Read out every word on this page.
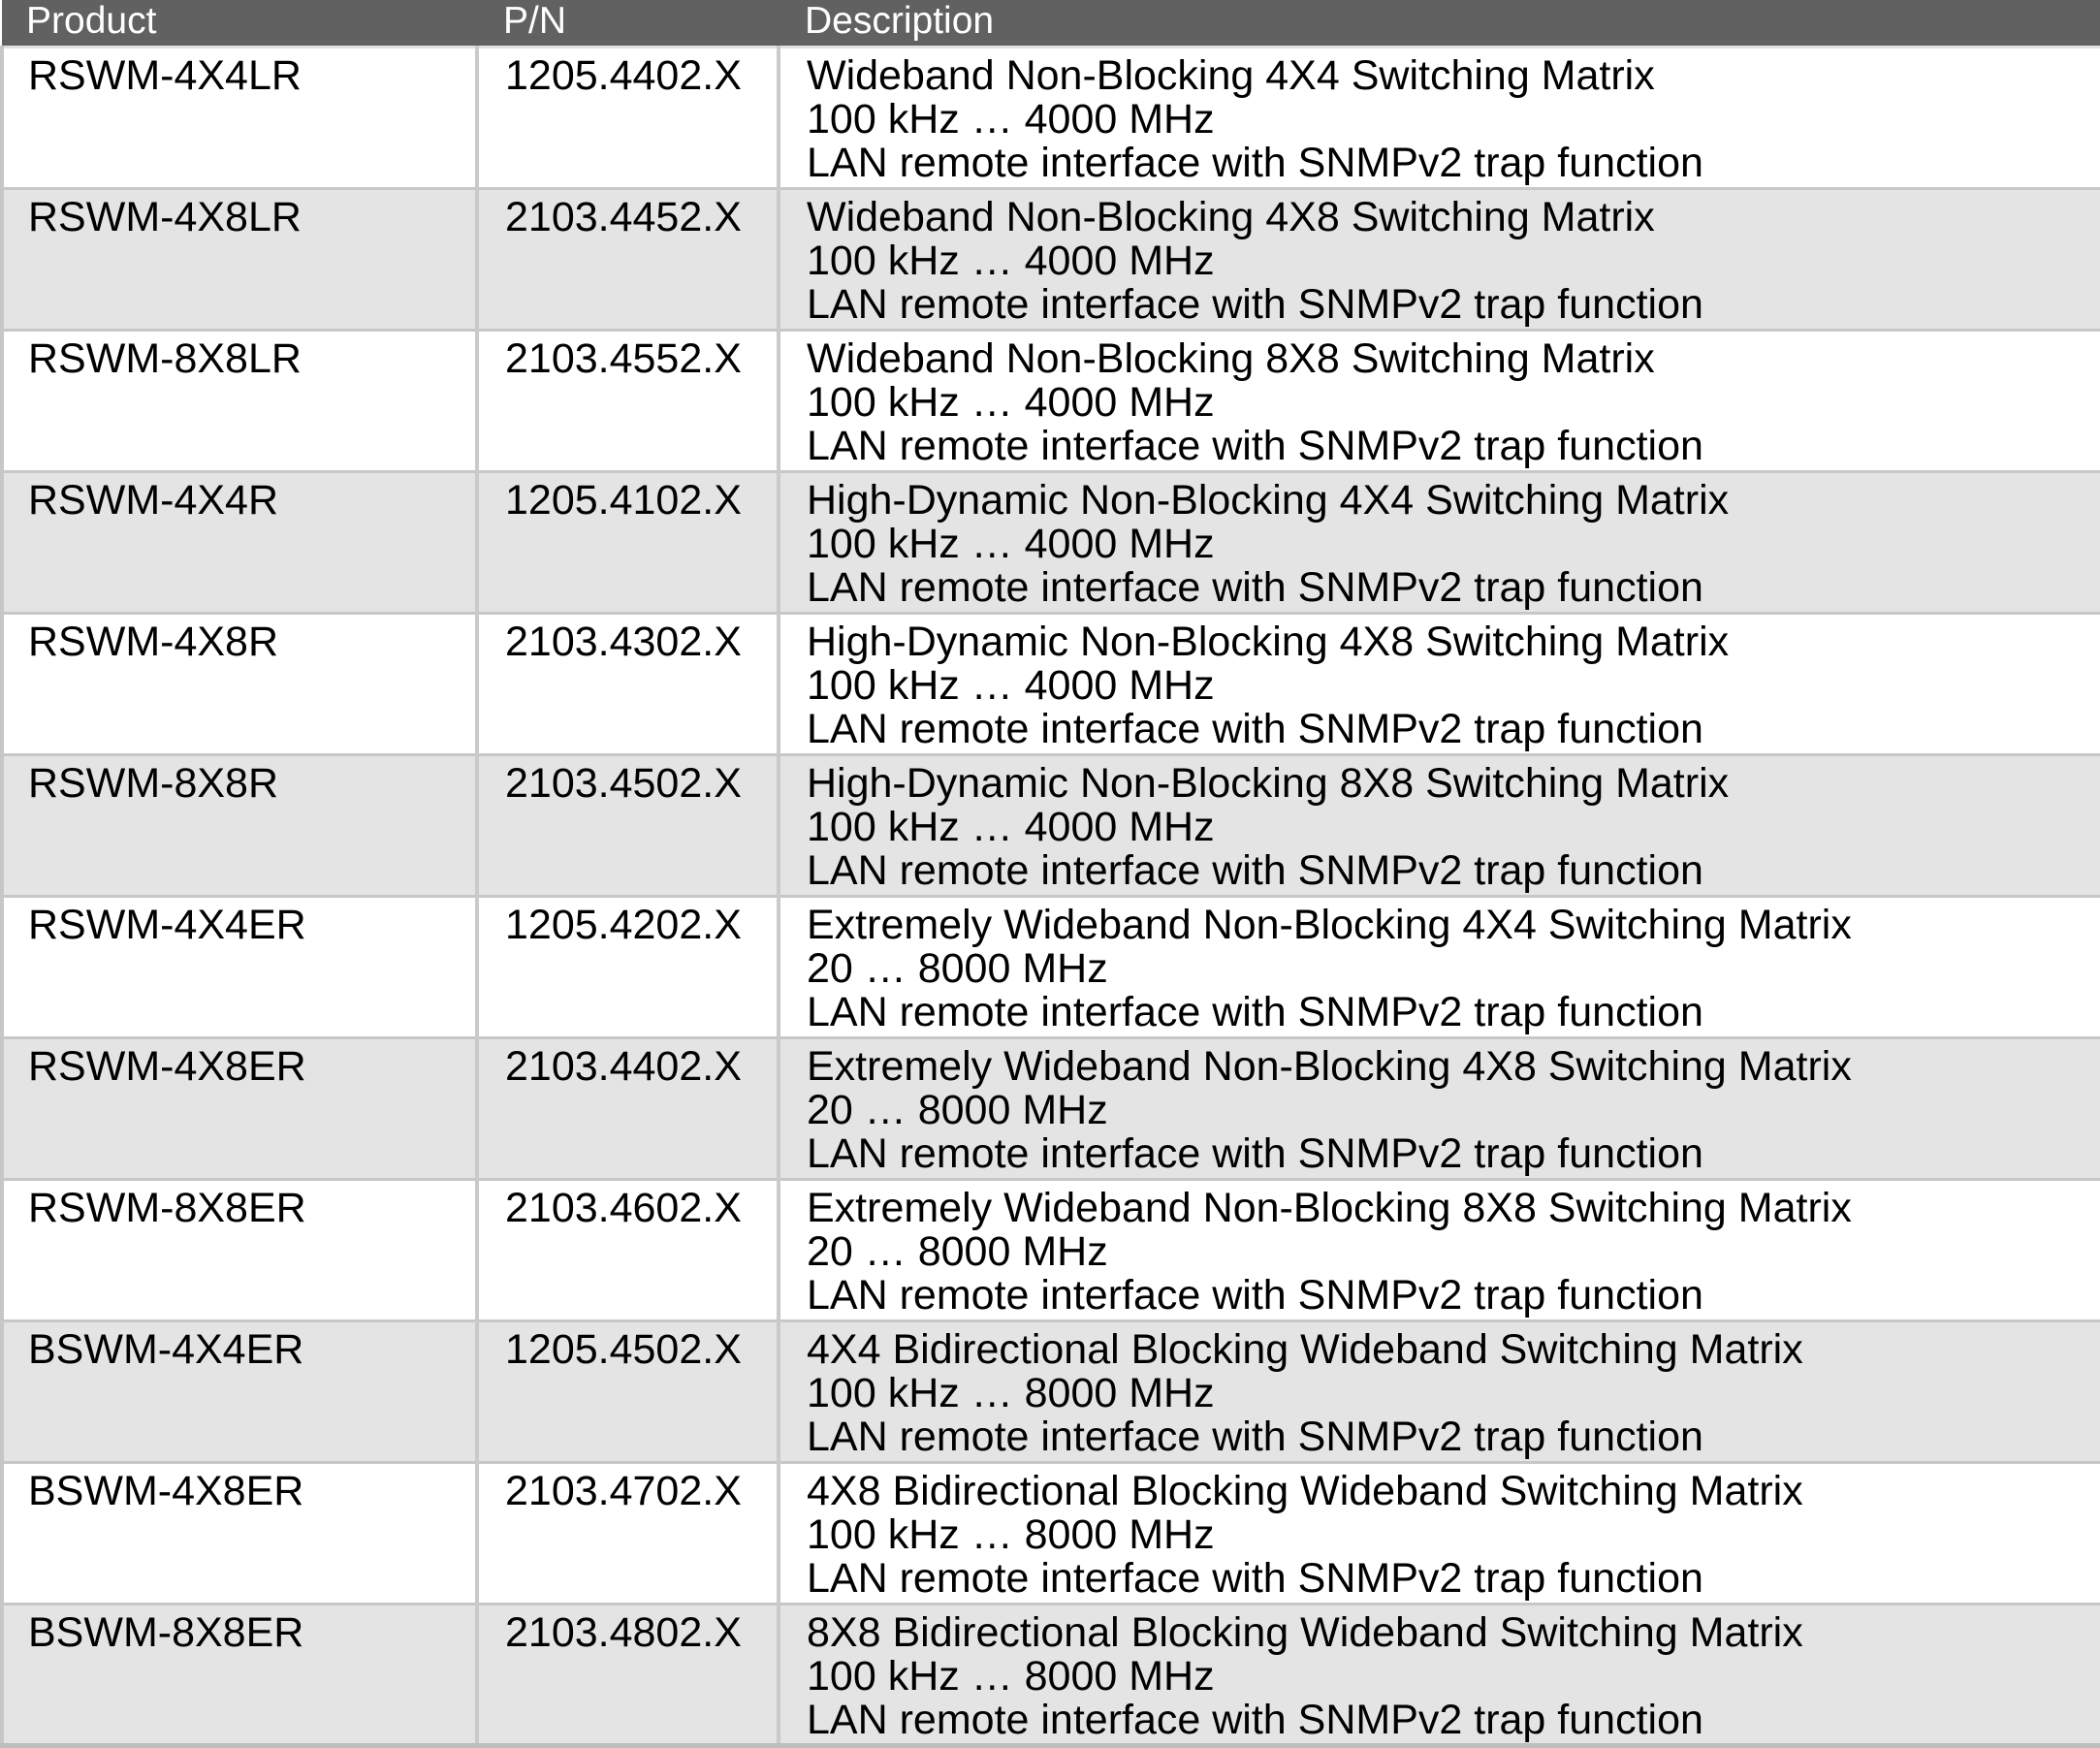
Product	P/N	Description
RSWM-4X4LR	1205.4402.X	Wideband Non-Blocking 4X4 Switching Matrix
100 kHz … 4000 MHz
LAN remote interface with SNMPv2 trap function

RSWM-4X8LR	2103.4452.X	Wideband Non-Blocking 4X8 Switching Matrix
100 kHz … 4000 MHz
LAN remote interface with SNMPv2 trap function

RSWM-8X8LR	2103.4552.X	Wideband Non-Blocking 8X8 Switching Matrix
100 kHz … 4000 MHz
LAN remote interface with SNMPv2 trap function

RSWM-4X4R	1205.4102.X	High-Dynamic Non-Blocking 4X4 Switching Matrix
100 kHz … 4000 MHz
LAN remote interface with SNMPv2 trap function

RSWM-4X8R	2103.4302.X	High-Dynamic Non-Blocking 4X8 Switching Matrix
100 kHz … 4000 MHz
LAN remote interface with SNMPv2 trap function

RSWM-8X8R	2103.4502.X	High-Dynamic Non-Blocking 8X8 Switching Matrix
100 kHz … 4000 MHz
LAN remote interface with SNMPv2 trap function

RSWM-4X4ER	1205.4202.X	Extremely Wideband Non-Blocking 4X4 Switching Matrix
20 … 8000 MHz
LAN remote interface with SNMPv2 trap function

RSWM-4X8ER	2103.4402.X	Extremely Wideband Non-Blocking 4X8 Switching Matrix
20 … 8000 MHz
LAN remote interface with SNMPv2 trap function

RSWM-8X8ER	2103.4602.X	Extremely Wideband Non-Blocking 8X8 Switching Matrix
20 … 8000 MHz
LAN remote interface with SNMPv2 trap function

BSWM-4X4ER	1205.4502.X	4X4 Bidirectional Blocking Wideband Switching Matrix
100 kHz … 8000 MHz
LAN remote interface with SNMPv2 trap function

BSWM-4X8ER	2103.4702.X	4X8 Bidirectional Blocking Wideband Switching Matrix
100 kHz … 8000 MHz
LAN remote interface with SNMPv2 trap function

BSWM-8X8ER	2103.4802.X	8X8 Bidirectional Blocking Wideband Switching Matrix
100 kHz … 8000 MHz
LAN remote interface with SNMPv2 trap function
